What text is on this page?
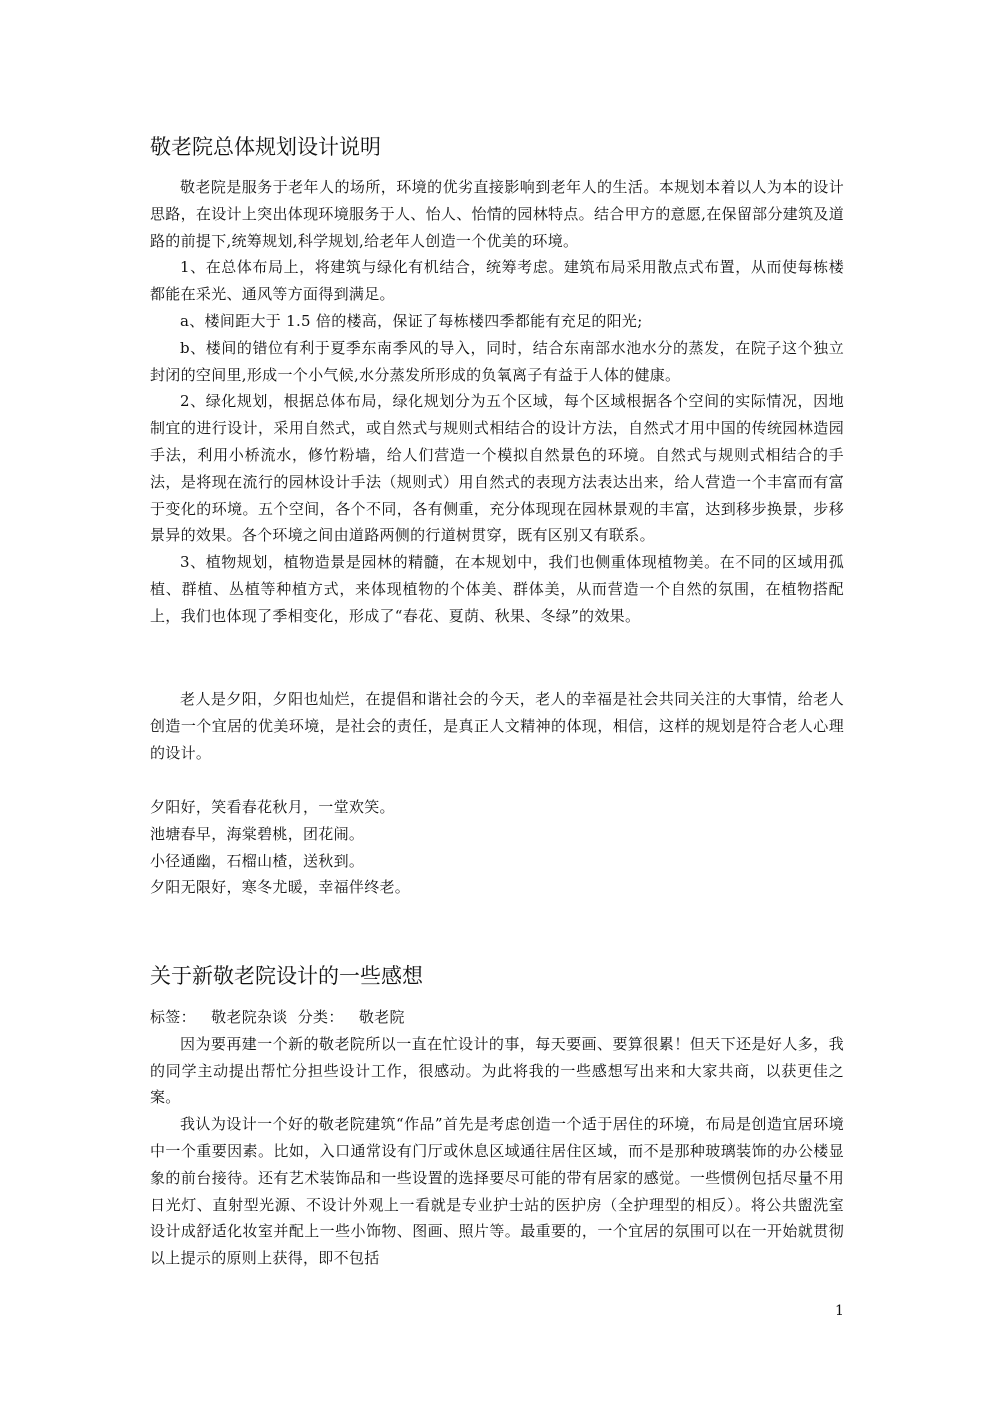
敬老院总体规划设计说明

敬老院是服务于老年人的场所，环境的优劣直接影响到老年人的生活。本规划本着以人为本的设计思路，在设计上突出体现环境服务于人、怡人、怡情的园林特点。结合甲方的意愿,在保留部分建筑及道路的前提下,统筹规划,科学规划,给老年人创造一个优美的环境。

1、在总体布局上，将建筑与绿化有机结合，统筹考虑。建筑布局采用散点式布置，从而使每栋楼都能在采光、通风等方面得到满足。

a、楼间距大于 1.5 倍的楼高，保证了每栋楼四季都能有充足的阳光;

b、楼间的错位有利于夏季东南季风的导入，同时，结合东南部水池水分的蒸发，在院子这个独立封闭的空间里,形成一个小气候,水分蒸发所形成的负氧离子有益于人体的健康。

2、绿化规划，根据总体布局，绿化规划分为五个区域，每个区域根据各个空间的实际情况，因地制宜的进行设计，采用自然式，或自然式与规则式相结合的设计方法，自然式才用中国的传统园林造园手法，利用小桥流水，修竹粉墙，给人们营造一个模拟自然景色的环境。自然式与规则式相结合的手法，是将现在流行的园林设计手法（规则式）用自然式的表现方法表达出来，给人营造一个丰富而有富于变化的环境。五个空间，各个不同，各有侧重，充分体现现在园林景观的丰富，达到移步换景，步移景异的效果。各个环境之间由道路两侧的行道树贯穿，既有区别又有联系。

3、植物规划，植物造景是园林的精髓，在本规划中，我们也侧重体现植物美。在不同的区域用孤植、群植、丛植等种植方式，来体现植物的个体美、群体美，从而营造一个自然的氛围，在植物搭配上，我们也体现了季相变化，形成了“春花、夏荫、秋果、冬绿”的效果。

老人是夕阳，夕阳也灿烂，在提倡和谐社会的今天，老人的幸福是社会共同关注的大事情，给老人创造一个宜居的优美环境，是社会的责任，是真正人文精神的体现，相信，这样的规划是符合老人心理的设计。

夕阳好，笑看春花秋月，一堂欢笑。

池塘春早，海棠碧桃，团花闹。

小径通幽，石榴山楂，送秋到。

夕阳无限好，寒冬尤暖，幸福伴终老。

关于新敬老院设计的一些感想

标签：   敬老院杂谈  分类：   敬老院

因为要再建一个新的敬老院所以一直在忙设计的事，每天要画、要算很累！但天下还是好人多，我的同学主动提出帮忙分担些设计工作，很感动。为此将我的一些感想写出来和大家共商，以获更佳之案。

我认为设计一个好的敬老院建筑“作品”首先是考虑创造一个适于居住的环境，布局是创造宜居环境中一个重要因素。比如，入口通常设有门厅或休息区域通往居住区域，而不是那种玻璃装饰的办公楼显象的前台接待。还有艺术装饰品和一些设置的选择要尽可能的带有居家的感觉。一些惯例包括尽量不用日光灯、直射型光源、不设计外观上一看就是专业护士站的医护房（全护理型的相反）。将公共盥洗室设计成舒适化妆室并配上一些小饰物、图画、照片等。最重要的，一个宜居的氛围可以在一开始就贯彻以上提示的原则上获得，即不包括

1
